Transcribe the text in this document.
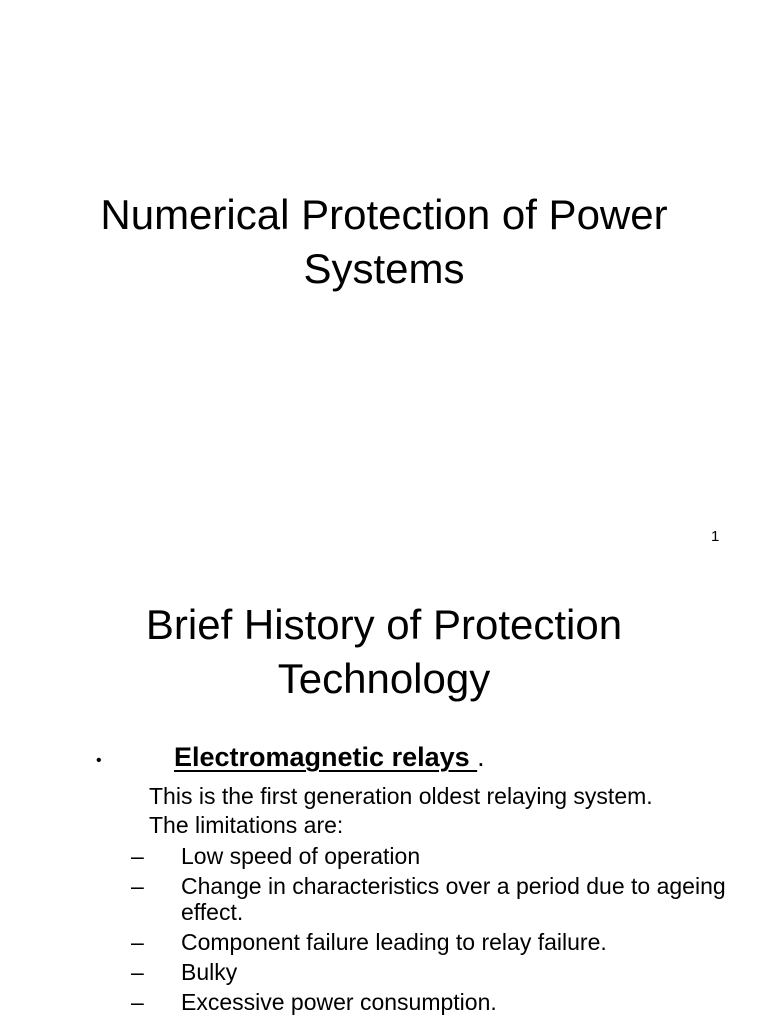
Numerical Protection of Power
Systems
1
Brief History of Protection
Technology
•	Electromagnetic relays .
This is the first generation oldest relaying system.
The limitations are:
– Low speed of operation
– Change in characteristics over a period due to ageing effect.
– Component failure leading to relay failure.
– Bulky
– Excessive power consumption.
